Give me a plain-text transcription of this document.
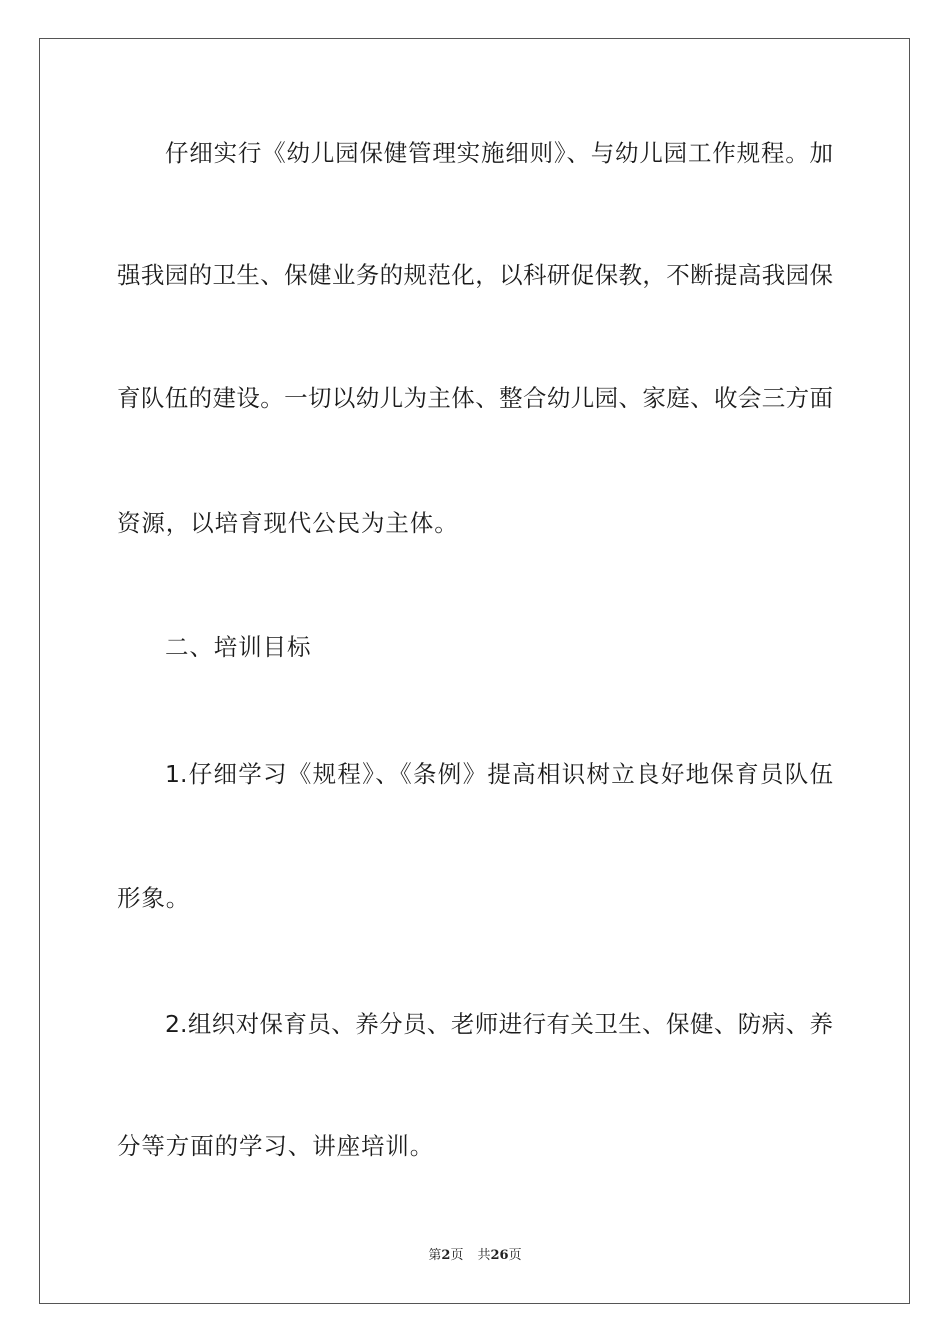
仔细实行《幼儿园保健管理实施细则》、与幼儿园工作规程。加
强我园的卫生、保健业务的规范化，以科研促保教，不断提高我园保
育队伍的建设。一切以幼儿为主体、整合幼儿园、家庭、收会三方面
资源，以培育现代公民为主体。
二、培训目标
1.仔细学习《规程》、《条例》提高相识树立良好地保育员队伍
形象。
2.组织对保育员、养分员、老师进行有关卫生、保健、防病、养
分等方面的学习、讲座培训。
第2页 共26页
